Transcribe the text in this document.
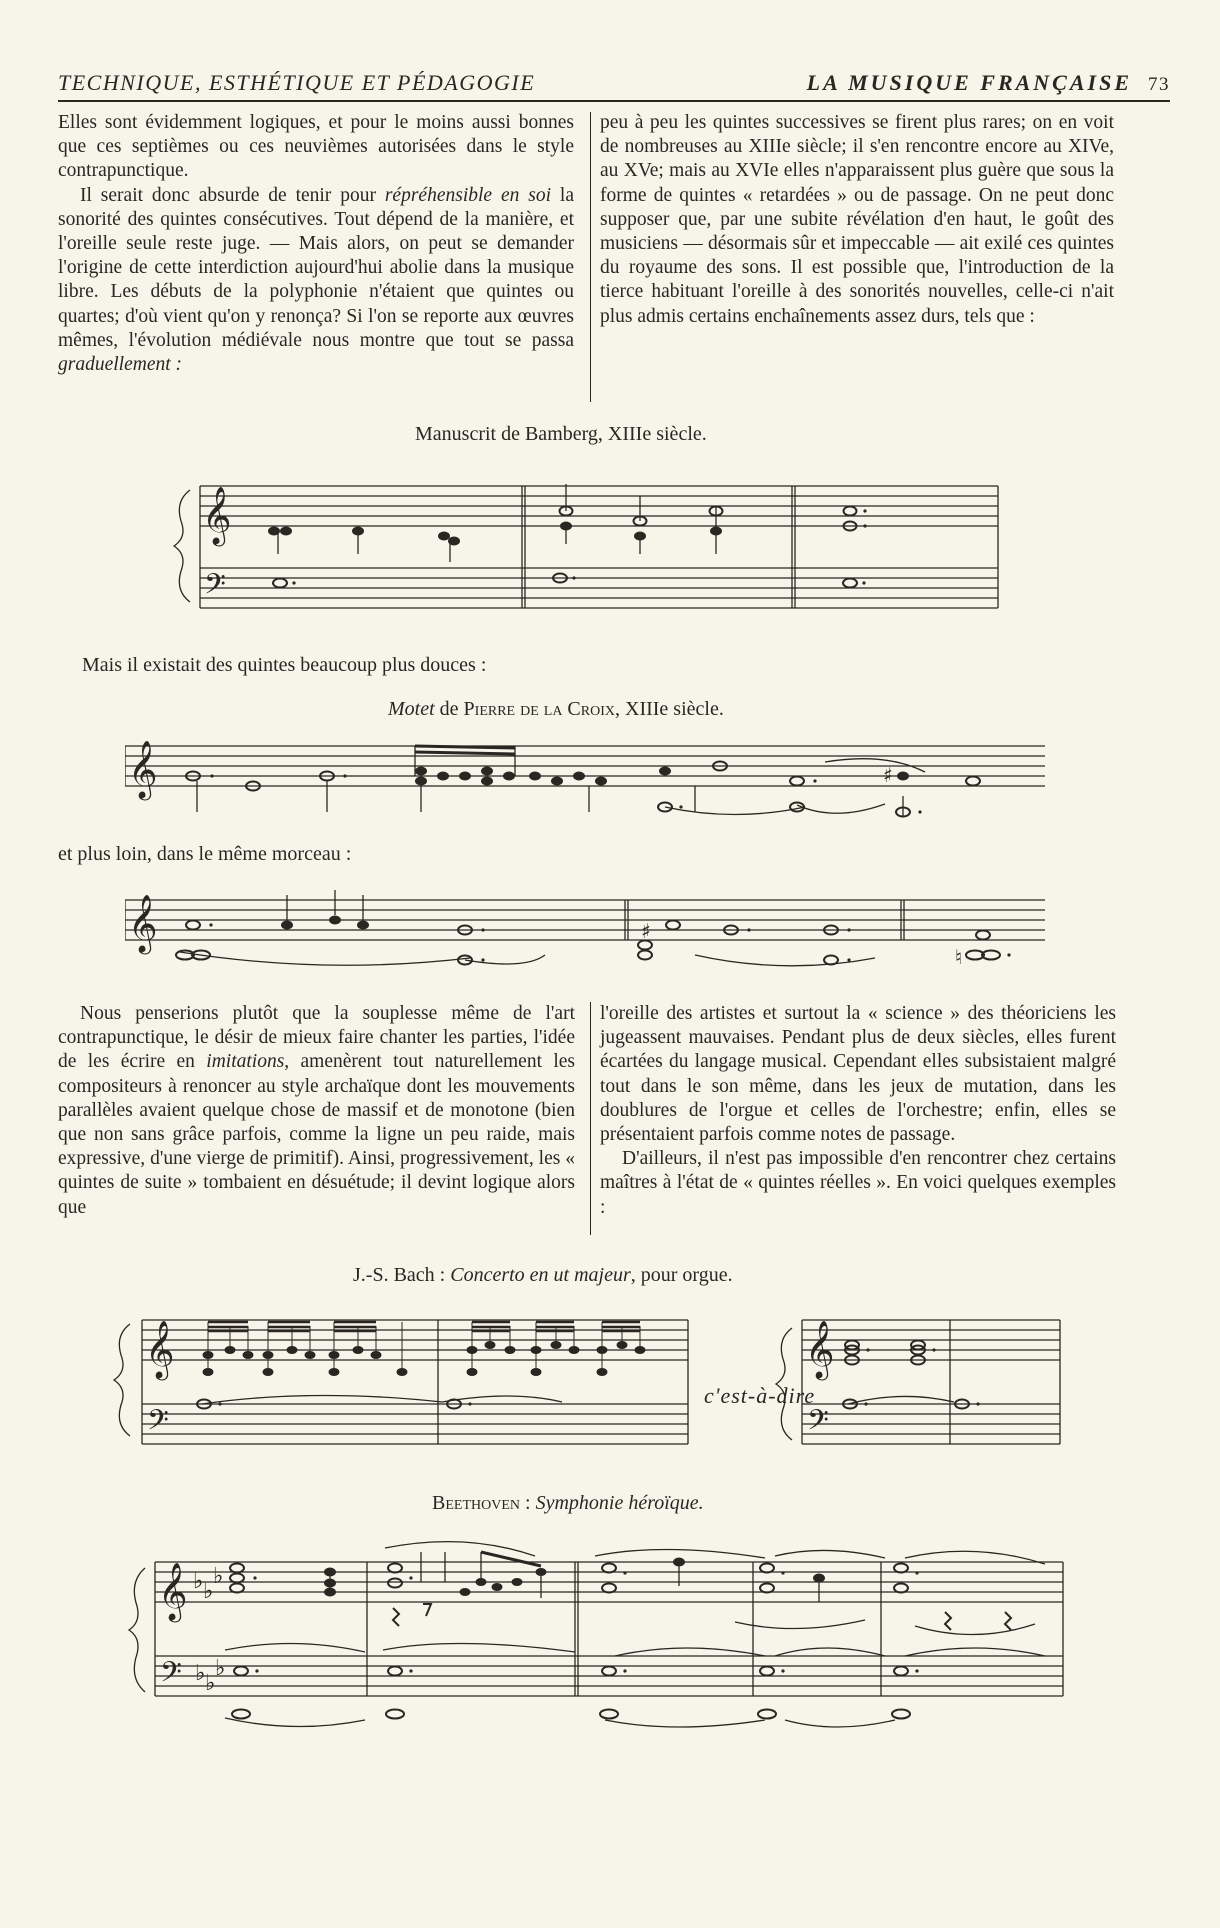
TECHNIQUE, ESTHÉTIQUE ET PÉDAGOGIE	LA MUSIQUE FRANÇAISE 73

Elles sont évidemment logiques, et pour le moins aussi bonnes que ces septièmes ou ces neuvièmes autorisées dans le style contrapunctique.

Il serait donc absurde de tenir pour répréhensible en soi la sonorité des quintes consécutives. Tout dépend de la manière, et l'oreille seule reste juge. — Mais alors, on peut se demander l'origine de cette interdiction aujourd'hui abolie dans la musique libre. Les débuts de la polyphonie n'étaient que quintes ou quartes; d'où vient qu'on y renonça? Si l'on se reporte aux œuvres mêmes, l'évolution médiévale nous montre que tout se passa graduellement :

peu à peu les quintes successives se firent plus rares; on en voit de nombreuses au XIIIe siècle; il s'en rencontre encore au XIVe, au XVe; mais au XVIe elles n'apparaissent plus guère que sous la forme de quintes « retardées » ou de passage. On ne peut donc supposer que, par une subite révélation d'en haut, le goût des musiciens — désormais sûr et impeccable — ait exilé ces quintes du royaume des sons. Il est possible que, l'introduction de la tierce habituant l'oreille à des sonorités nouvelles, celle-ci n'ait plus admis certains enchaînements assez durs, tels que :

Manuscrit de Bamberg, XIIIe siècle.
𝄞
𝄢
Mais il existait des quintes beaucoup plus douces :
Motet de Pierre de la Croix, XIIIe siècle.
𝄞	♯
et plus loin, dans le même morceau :
𝄞	♯
♮

Nous penserions plutôt que la souplesse même de l'art contrapunctique, le désir de mieux faire chanter les parties, l'idée de les écrire en imitations, amenèrent tout naturellement les compositeurs à renoncer au style archaïque dont les mouvements parallèles avaient quelque chose de massif et de monotone (bien que non sans grâce parfois, comme la ligne un peu raide, mais expressive, d'une vierge de primitif). Ainsi, progressivement, les « quintes de suite » tombaient en désuétude; il devint logique alors que

l'oreille des artistes et surtout la « science » des théoriciens les jugeassent mauvaises. Pendant plus de deux siècles, elles furent écartées du langage musical. Cependant elles subsistaient malgré tout dans le son même, dans les jeux de mutation, dans les doublures de l'orgue et celles de l'orchestre; enfin, elles se présentaient parfois comme notes de passage.

D'ailleurs, il n'est pas impossible d'en rencontrer chez certains maîtres à l'état de « quintes réelles ». En voici quelques exemples :

J.-S. Bach : Concerto en ut majeur, pour orgue.
𝄞
𝄢
𝄞
𝄢
c'est-à-dire
Beethoven : Symphonie héroïque.
𝄞
𝄢
♭ ♭
♭
♭ ♭
♭
